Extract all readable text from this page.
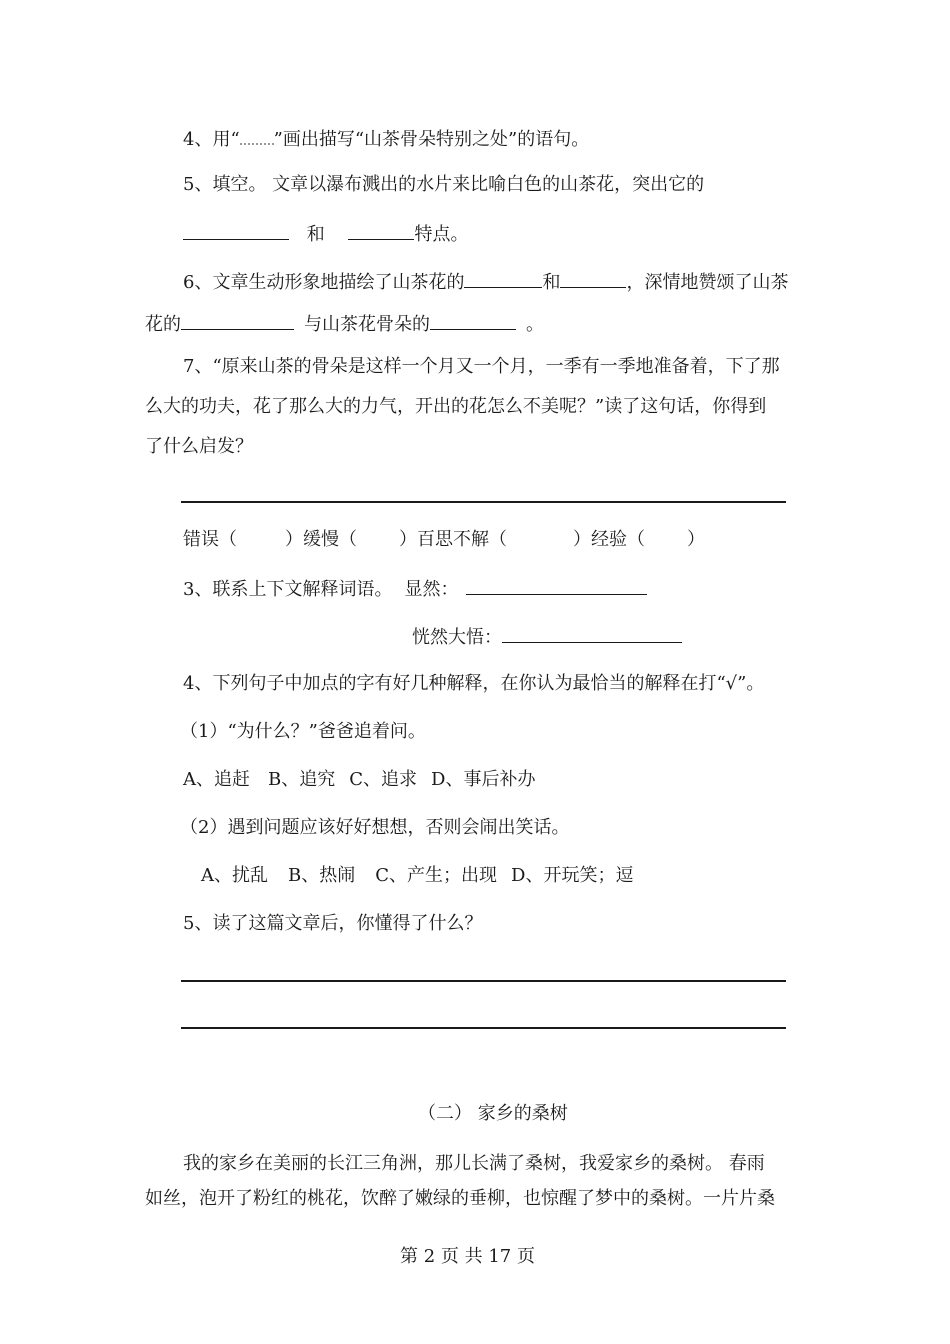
4、用“ ”画出描写“山茶骨朵特别之处”的语句。
5、填空。 文章以瀑布溅出的水片来比喻白色的山茶花，突出它的
和	特点。
6、文章生动形象地描绘了山茶花的	和	，深情地赞颂了山茶
花的	与山茶花骨朵的	。
7、“原来山茶的骨朵是这样一个月又一个月，一季有一季地准备着，下了那
么大的功夫，花了那么大的力气，开出的花怎么不美呢？”读了这句话，你得到
了什么启发？
错误（	）缓慢（ ）百思不解（	）经验（ ）
3、联系上下文解释词语。 显然：
恍然大悟：
4、下列句子中加点的字有好几种解释，在你认为最恰当的解释在打“√”。
（1）“为什么？”爸爸追着问。
A、追赶 B、追究 C、追求 D、事后补办
（2）遇到问题应该好好想想，否则会闹出笑话。
A、扰乱 B、热闹 C、产生；出现 D、开玩笑；逗
5、读了这篇文章后，你懂得了什么？
（二） 家乡的桑树
我的家乡在美丽的长江三角洲，那儿长满了桑树，我爱家乡的桑树。 春雨
如丝，泡开了粉红的桃花，饮醉了嫩绿的垂柳，也惊醒了梦中的桑树。一片片桑
第 2 页 共 17 页
